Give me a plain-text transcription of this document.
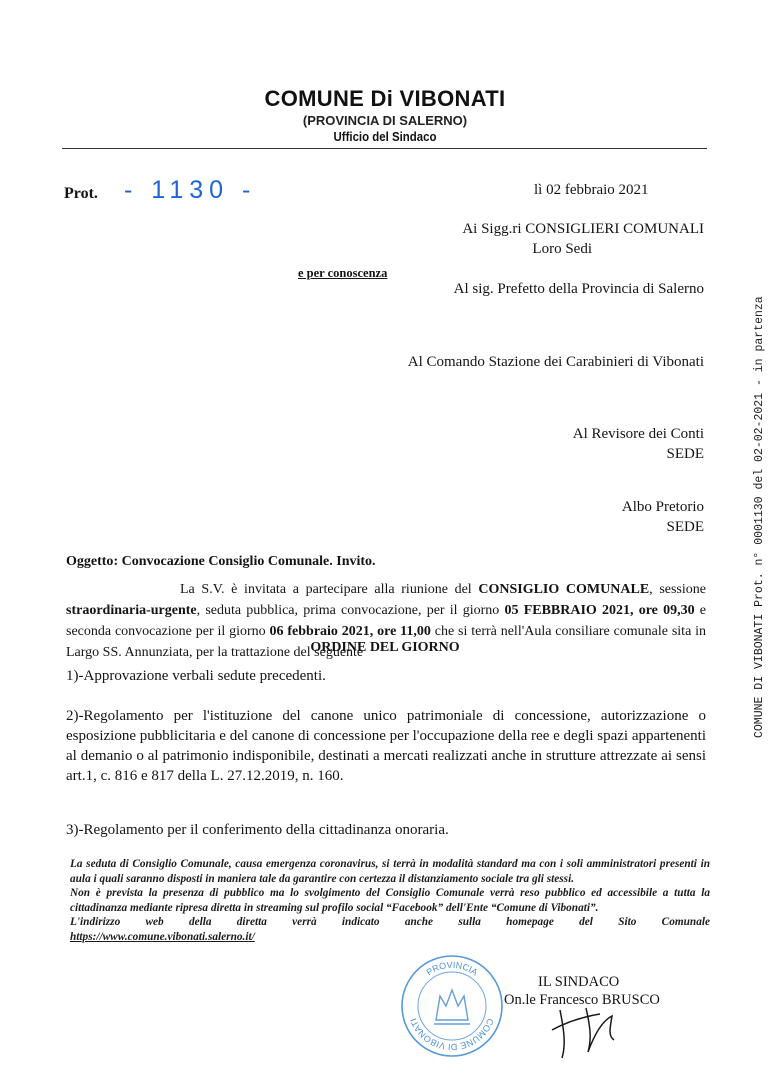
COMUNE Di VIBONATI
(PROVINCIA DI SALERNO)
Ufficio del Sindaco
Prot. - 1130 -	lì 02 febbraio 2021
Ai Sigg.ri CONSIGLIERI COMUNALI
Loro Sedi
e per conoscenza
Al sig. Prefetto della Provincia di Salerno
Al Comando Stazione dei Carabinieri di Vibonati
Al Revisore dei Conti
SEDE
Albo Pretorio
SEDE
Oggetto: Convocazione Consiglio Comunale. Invito.
La S.V. è invitata a partecipare alla riunione del CONSIGLIO COMUNALE, sessione straordinaria-urgente, seduta pubblica, prima convocazione, per il giorno 05 FEBBRAIO 2021, ore 09,30 e seconda convocazione per il giorno 06 febbraio 2021, ore 11,00 che si terrà nell'Aula consiliare comunale sita in Largo SS. Annunziata, per la trattazione del seguente
ORDINE DEL GIORNO
1)-Approvazione verbali sedute precedenti.
2)-Regolamento per l'istituzione del canone unico patrimoniale di concessione, autorizzazione o esposizione pubblicitaria e del canone di concessione per l'occupazione della ree e degli spazi appartenenti al demanio o al patrimonio indisponibile, destinati a mercati realizzati anche in strutture attrezzate ai sensi art.1, c. 816 e 817 della L. 27.12.2019, n. 160.
3)-Regolamento per il conferimento della cittadinanza onoraria.

La seduta di Consiglio Comunale, causa emergenza coronavirus, si terrà in modalità standard ma con i soli amministratori presenti in aula i quali saranno disposti in maniera tale da garantire con certezza il distanziamento sociale tra gli stessi.

Non è prevista la presenza di pubblico ma lo svolgimento del Consiglio Comunale verrà reso pubblico ed accessibile a tutta la cittadinanza mediante ripresa diretta in streaming sul profilo social “Facebook” dell'Ente “Comune di Vibonati”.

L'indirizzo web della diretta verrà indicato anche sulla homepage del Sito Comunale

https://www.comune.vibonati.salerno.it/

PROVINCIA
COMUNE DI VIBONATI
IL SINDACO
On.le Francesco BRUSCO
COMUNE DI VIBONATI Prot. n° 0001130 del 02-02-2021 - in partenza
